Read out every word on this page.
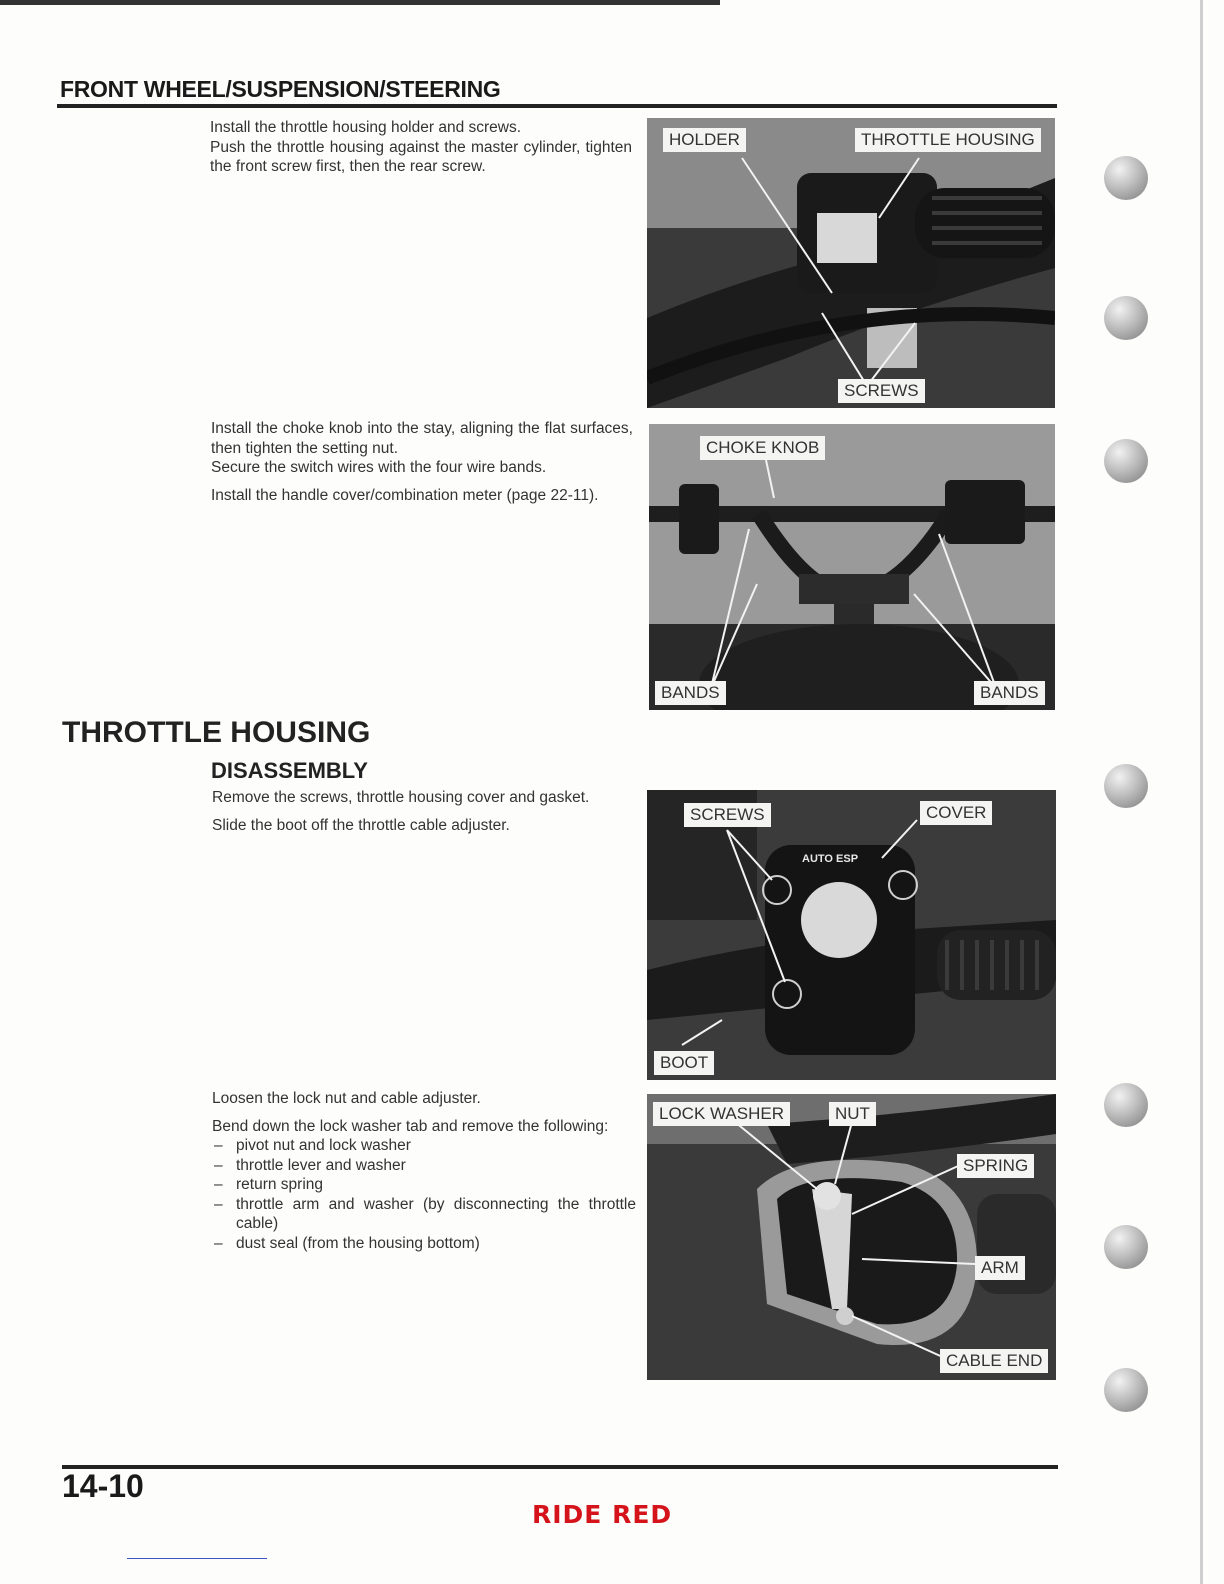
FRONT WHEEL/SUSPENSION/STEERING

Install the throttle housing holder and screws.

Push the throttle housing against the master cylinder, tighten the front screw first, then the rear screw.

Install the choke knob into the stay, aligning the flat surfaces, then tighten the setting nut.

Secure the switch wires with the four wire bands.

Install the handle cover/combination meter (page 22-11).

THROTTLE HOUSING
DISASSEMBLY

Remove the screws, throttle housing cover and gasket.

Slide the boot off the throttle cable adjuster.

Loosen the lock nut and cable adjuster.

Bend down the lock washer tab and remove the following:

– pivot nut and lock washer
– throttle lever and washer
– return spring
– throttle arm and washer (by disconnecting the throttle cable)
– dust seal (from the housing bottom)
HOLDER	THROTTLE HOUSING
SCREWS
CHOKE KNOB
BANDS	BANDS
AUTO ESP
SCREWS	COVER
BOOT
LOCK WASHER	NUT
SPRING
ARM
CABLE END
14-10
RIDE RED
